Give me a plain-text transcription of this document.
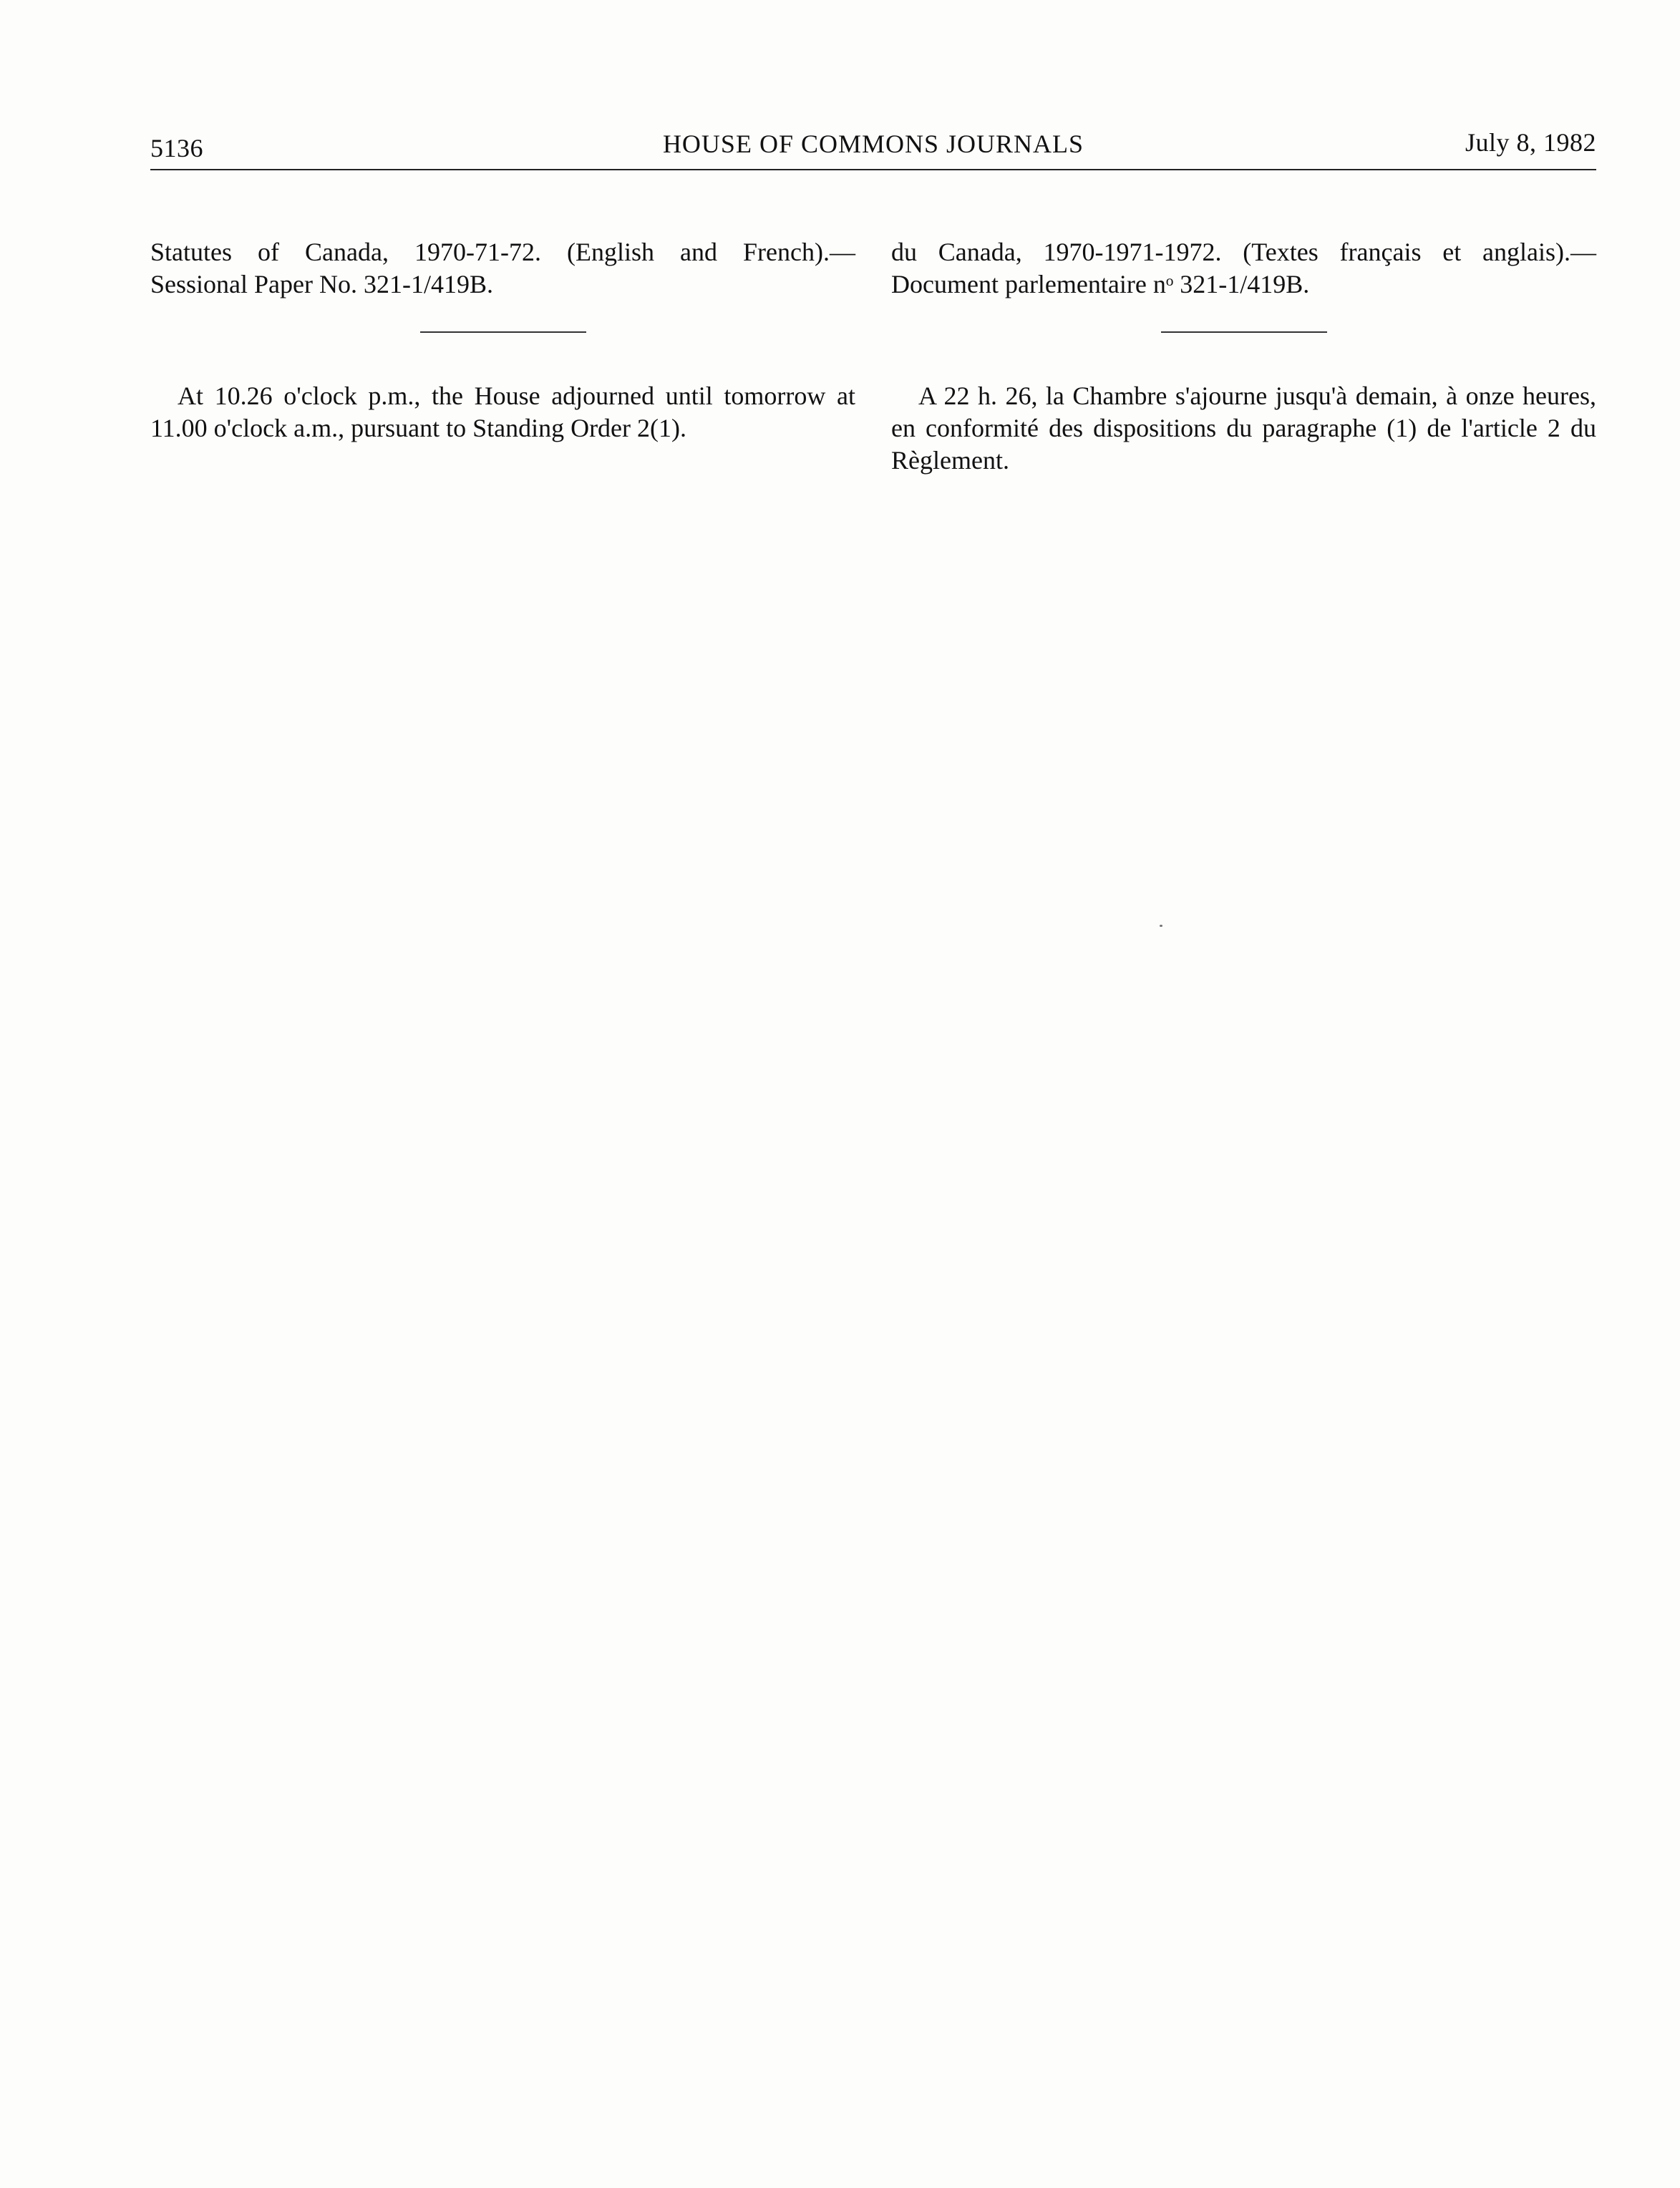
5136	HOUSE OF COMMONS JOURNALS	July 8, 1982

Statutes of Canada, 1970-71-72. (English and French).—
Sessional Paper No. 321-1/419B.

At 10.26 o'clock p.m., the House adjourned until tomorrow at 11.00 o'clock a.m., pursuant to Standing Order 2(1).

du Canada, 1970-1971-1972. (Textes français et anglais).—
Document parlementaire nᵒ 321-1/419B.

A 22 h. 26, la Chambre s'ajourne jusqu'à demain, à onze heures, en conformité des dispositions du paragraphe (1) de l'article 2 du Règlement.
